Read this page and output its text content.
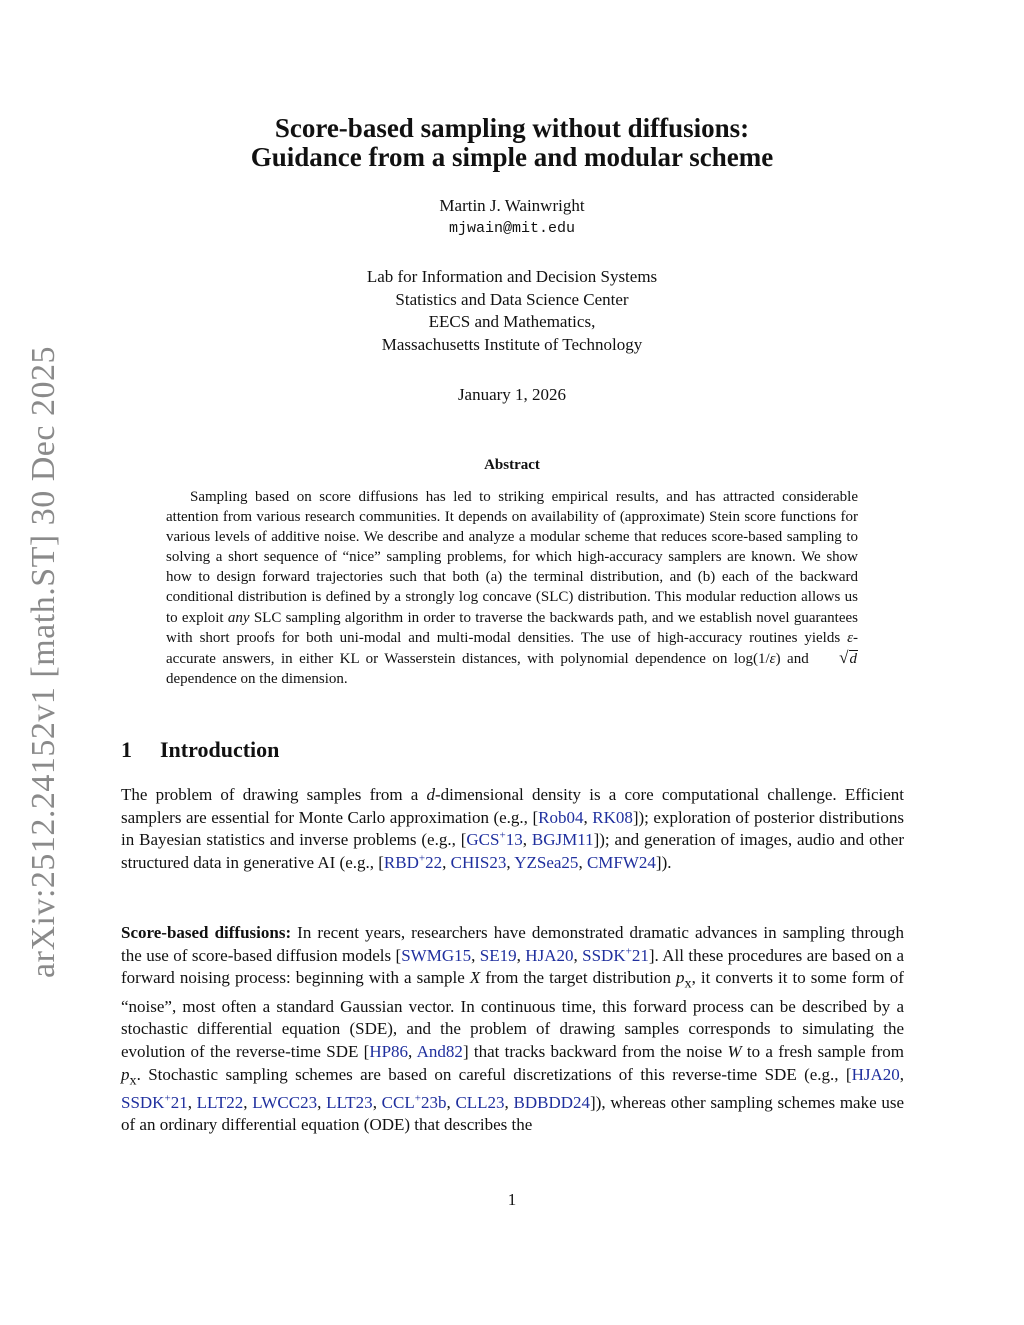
arXiv:2512.24152v1 [math.ST] 30 Dec 2025
Score-based sampling without diffusions:
Guidance from a simple and modular scheme
Martin J. Wainwright
mjwain@mit.edu
Lab for Information and Decision Systems
Statistics and Data Science Center
EECS and Mathematics,
Massachusetts Institute of Technology
January 1, 2026
Abstract

Sampling based on score diffusions has led to striking empirical results, and has attracted considerable attention from various research communities. It depends on availability of (approximate) Stein score functions for various levels of additive noise. We describe and analyze a modular scheme that reduces score-based sampling to solving a short sequence of “nice” sampling problems, for which high-accuracy samplers are known. We show how to design forward trajectories such that both (a) the terminal distribution, and (b) each of the backward conditional distribution is defined by a strongly log concave (SLC) distribution. This modular reduction allows us to exploit any SLC sampling algorithm in order to traverse the backwards path, and we establish novel guarantees with short proofs for both uni-modal and multi-modal densities. The use of high-accuracy routines yields ε-accurate answers, in either KL or Wasserstein distances, with polynomial dependence on log(1/ε) and √d dependence on the dimension.

1 Introduction

The problem of drawing samples from a d-dimensional density is a core computational challenge. Efficient samplers are essential for Monte Carlo approximation (e.g., [Rob04, RK08]); exploration of posterior distributions in Bayesian statistics and inverse problems (e.g., [GCS+13, BGJM11]); and generation of images, audio and other structured data in generative AI (e.g., [RBD+22, CHIS23, YZSea25, CMFW24]).

Score-based diffusions: In recent years, researchers have demonstrated dramatic advances in sampling through the use of score-based diffusion models [SWMG15, SE19, HJA20, SSDK+21]. All these procedures are based on a forward noising process: beginning with a sample X from the target distribution $p_x$, it converts it to some form of “noise”, most often a standard Gaussian vector. In continuous time, this forward process can be described by a stochastic differential equation (SDE), and the problem of drawing samples corresponds to simulating the evolution of the reverse-time SDE [HP86, And82] that tracks backward from the noise W to a fresh sample from $p_x$. Stochastic sampling schemes are based on careful discretizations of this reverse-time SDE (e.g., [HJA20, SSDK+21, LLT22, LWCC23, LLT23, CCL+23b, CLL23, BDBDD24]), whereas other sampling schemes make use of an ordinary differential equation (ODE) that describes the

1
